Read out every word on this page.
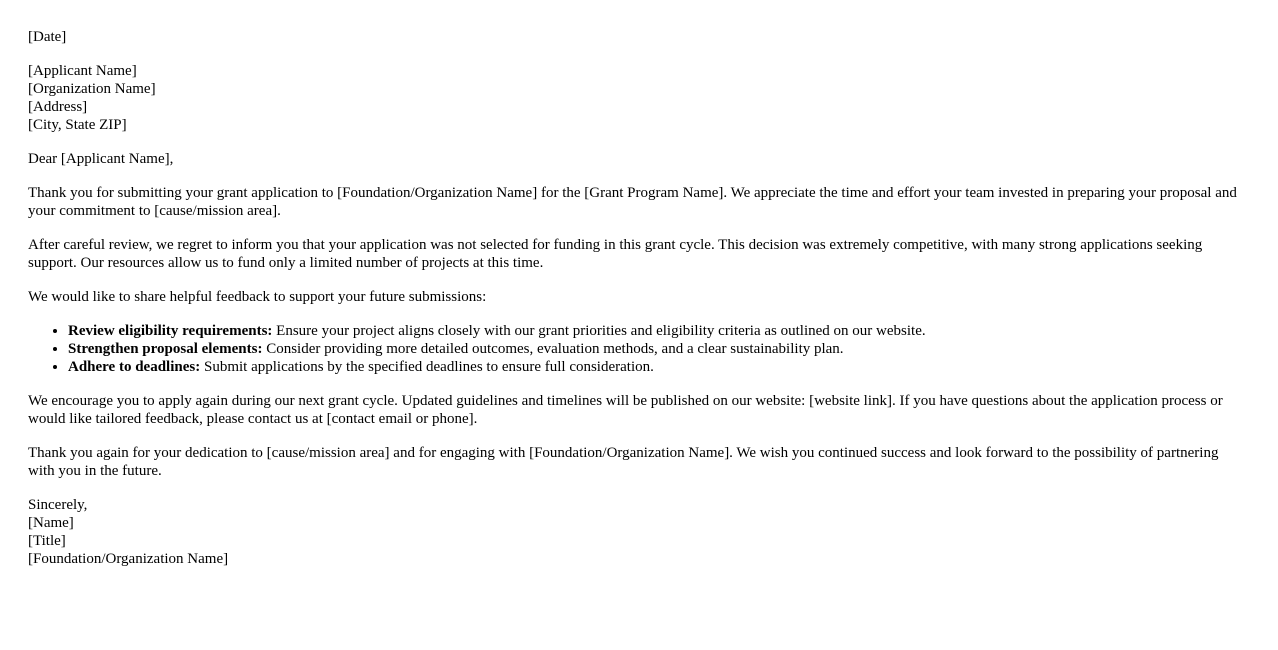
[Date]

[Applicant Name]
[Organization Name]
[Address]
[City, State ZIP]

Dear [Applicant Name],

Thank you for submitting your grant application to [Foundation/Organization Name] for the [Grant Program Name]. We appreciate the time and effort your team invested in preparing your proposal and your commitment to [cause/mission area].

After careful review, we regret to inform you that your application was not selected for funding in this grant cycle. This decision was extremely competitive, with many strong applications seeking support. Our resources allow us to fund only a limited number of projects at this time.

We would like to share helpful feedback to support your future submissions:

• Review eligibility requirements: Ensure your project aligns closely with our grant priorities and eligibility criteria as outlined on our website.
• Strengthen proposal elements: Consider providing more detailed outcomes, evaluation methods, and a clear sustainability plan.
• Adhere to deadlines: Submit applications by the specified deadlines to ensure full consideration.

We encourage you to apply again during our next grant cycle. Updated guidelines and timelines will be published on our website: [website link]. If you have questions about the application process or would like tailored feedback, please contact us at [contact email or phone].

Thank you again for your dedication to [cause/mission area] and for engaging with [Foundation/Organization Name]. We wish you continued success and look forward to the possibility of partnering with you in the future.

Sincerely,
[Name]
[Title]
[Foundation/Organization Name]
